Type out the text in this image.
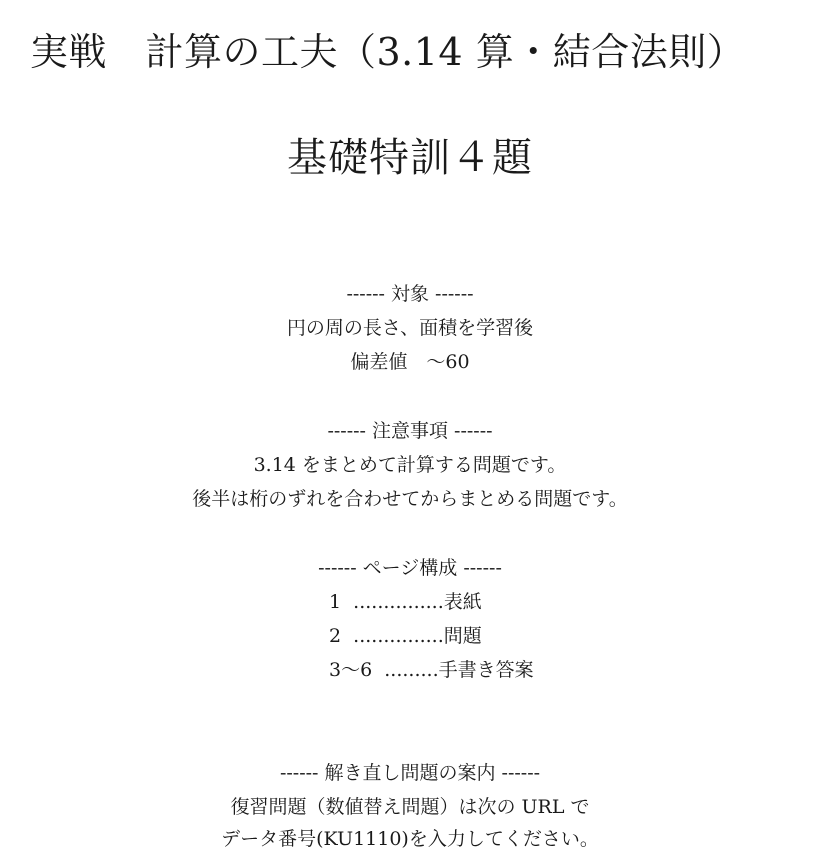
実戦　計算の工夫（3.14 算・結合法則）
基礎特訓４題
------ 対象 ------
円の周の長さ、面積を学習後
偏差値　～60
------ 注意事項 ------
3.14 をまとめて計算する問題です。
後半は桁のずれを合わせてからまとめる問題です。
------ ページ構成 ------
1  ...............表紙
2  ...............問題
3～6  .........手書き答案
------ 解き直し問題の案内 ------
復習問題（数値替え問題）は次の URL で
データ番号(KU1110)を入力してください。
